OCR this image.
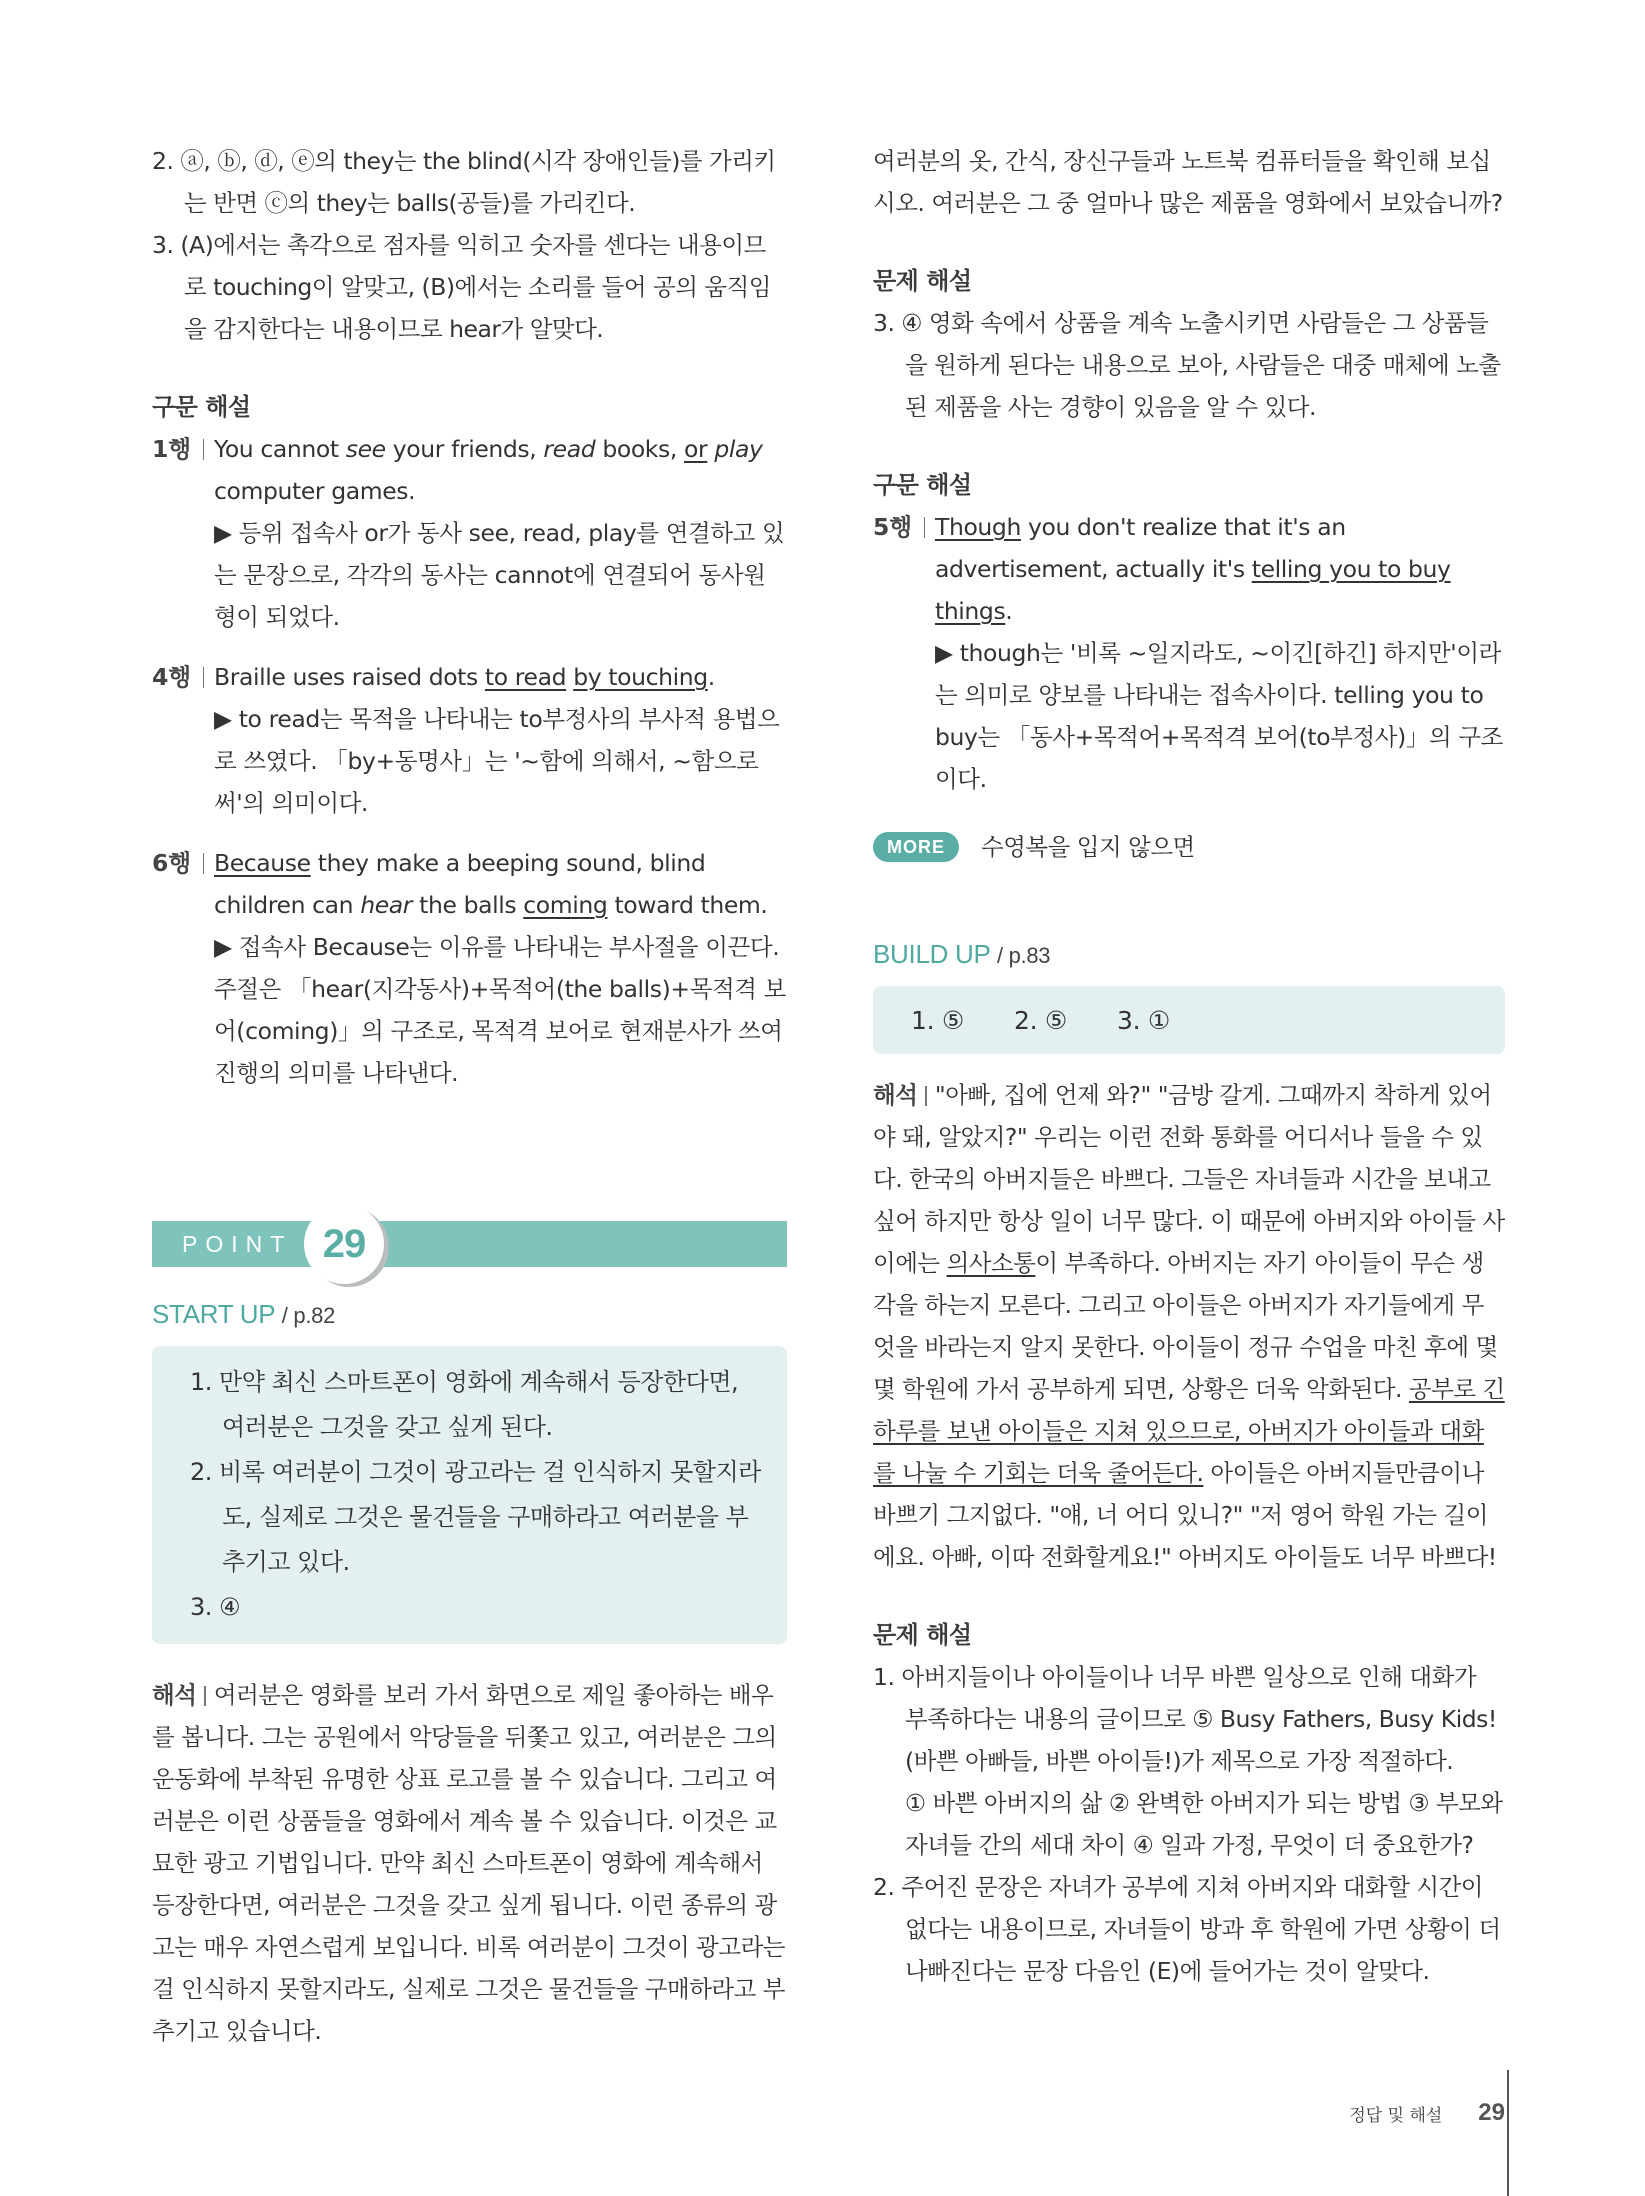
2. ⓐ, ⓑ, ⓓ, ⓔ의 they는 the blind(시각 장애인들)를 가리키는 반면 ⓒ의 they는 balls(공들)를 가리킨다.
3. (A)에서는 촉각으로 점자를 익히고 숫자를 센다는 내용이므로 touching이 알맞고, (B)에서는 소리를 들어 공의 움직임을 감지한다는 내용이므로 hear가 알맞다.
구문 해설
1행 You cannot see your friends, read books, or play computer games.
▶ 등위 접속사 or가 동사 see, read, play를 연결하고 있는 문장으로, 각각의 동사는 cannot에 연결되어 동사원형이 되었다.
4행 Braille uses raised dots to read by touching.
▶ to read는 목적을 나타내는 to부정사의 부사적 용법으로 쓰였다. 「by+동명사」는 '~함에 의해서, ~함으로써'의 의미이다.
6행 Because they make a beeping sound, blind children can hear the balls coming toward them.
▶ 접속사 Because는 이유를 나타내는 부사절을 이끈다. 주절은 「hear(지각동사)+목적어(the balls)+목적격 보어(coming)」의 구조로, 목적격 보어로 현재분사가 쓰여 진행의 의미를 나타낸다.
POINT 29
START UP / p.82
1. 만약 최신 스마트폰이 영화에 계속해서 등장한다면, 여러분은 그것을 갖고 싶게 된다.
2. 비록 여러분이 그것이 광고라는 걸 인식하지 못할지라도, 실제로 그것은 물건들을 구매하라고 여러분을 부추기고 있다.
3. ④
해석 여러분은 영화를 보러 가서 화면으로 제일 좋아하는 배우를 봅니다. 그는 공원에서 악당들을 뒤쫓고 있고, 여러분은 그의 운동화에 부착된 유명한 상표 로고를 볼 수 있습니다. 그리고 여러분은 이런 상품들을 영화에서 계속 볼 수 있습니다. 이것은 교묘한 광고 기법입니다. 만약 최신 스마트폰이 영화에 계속해서 등장한다면, 여러분은 그것을 갖고 싶게 됩니다. 이런 종류의 광고는 매우 자연스럽게 보입니다. 비록 여러분이 그것이 광고라는 걸 인식하지 못할지라도, 실제로 그것은 물건들을 구매하라고 부추기고 있습니다.
여러분의 옷, 간식, 장신구들과 노트북 컴퓨터들을 확인해 보십시오. 여러분은 그 중 얼마나 많은 제품을 영화에서 보았습니까?
문제 해설
3. ④ 영화 속에서 상품을 계속 노출시키면 사람들은 그 상품들을 원하게 된다는 내용으로 보아, 사람들은 대중 매체에 노출된 제품을 사는 경향이 있음을 알 수 있다.
구문 해설
5행 Though you don't realize that it's an advertisement, actually it's telling you to buy things.
▶ though는 '비록 ~일지라도, ~이긴[하긴] 하지만'이라는 의미로 양보를 나타내는 접속사이다. telling you to buy는 「동사+목적어+목적격 보어(to부정사)」의 구조이다.
MORE	수영복을 입지 않으면
BUILD UP / p.83
1. ⑤ 2. ⑤ 3. ①
해석 "아빠, 집에 언제 와?" "금방 갈게. 그때까지 착하게 있어야 돼, 알았지?" 우리는 이런 전화 통화를 어디서나 들을 수 있다. 한국의 아버지들은 바쁘다. 그들은 자녀들과 시간을 보내고 싶어 하지만 항상 일이 너무 많다. 이 때문에 아버지와 아이들 사이에는 의사소통이 부족하다. 아버지는 자기 아이들이 무슨 생각을 하는지 모른다. 그리고 아이들은 아버지가 자기들에게 무엇을 바라는지 알지 못한다. 아이들이 정규 수업을 마친 후에 몇몇 학원에 가서 공부하게 되면, 상황은 더욱 악화된다. 공부로 긴 하루를 보낸 아이들은 지쳐 있으므로, 아버지가 아이들과 대화를 나눌 수 기회는 더욱 줄어든다. 아이들은 아버지들만큼이나 바쁘기 그지없다. "얘, 너 어디 있니?" "저 영어 학원 가는 길이에요. 아빠, 이따 전화할게요!" 아버지도 아이들도 너무 바쁘다!
문제 해설
1. 아버지들이나 아이들이나 너무 바쁜 일상으로 인해 대화가 부족하다는 내용의 글이므로 ⑤ Busy Fathers, Busy Kids!(바쁜 아빠들, 바쁜 아이들!)가 제목으로 가장 적절하다.
① 바쁜 아버지의 삶 ② 완벽한 아버지가 되는 방법 ③ 부모와 자녀들 간의 세대 차이 ④ 일과 가정, 무엇이 더 중요한가?
2. 주어진 문장은 자녀가 공부에 지쳐 아버지와 대화할 시간이 없다는 내용이므로, 자녀들이 방과 후 학원에 가면 상황이 더 나빠진다는 문장 다음인 (E)에 들어가는 것이 알맞다.
정답 및 해설 29
